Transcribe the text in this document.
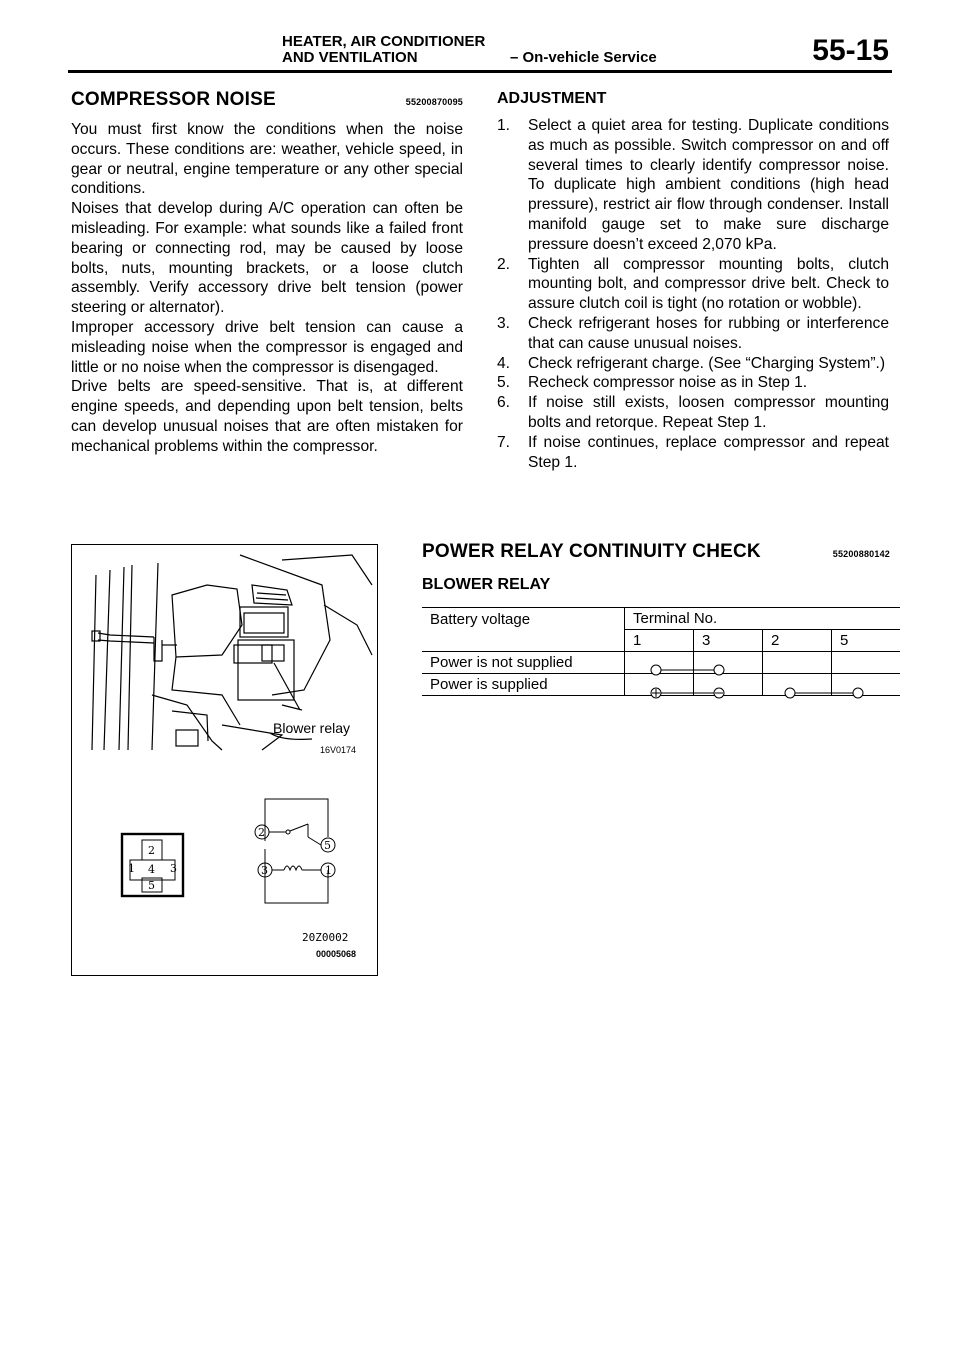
HEATER, AIR CONDITIONER
AND VENTILATION	– On-vehicle Service	55-15
COMPRESSOR NOISE	55200870095

You must first know the conditions when the noise occurs. These conditions are: weather, vehicle speed, in gear or neutral, engine temperature or any other special conditions.

Noises that develop during A/C operation can often be misleading. For example: what sounds like a failed front bearing or connecting rod, may be caused by loose bolts, nuts, mounting brackets, or a loose clutch assembly. Verify accessory drive belt tension (power steering or alternator).

Improper accessory drive belt tension can cause a misleading noise when the compressor is engaged and little or no noise when the compressor is disengaged.

Drive belts are speed-sensitive. That is, at different engine speeds, and depending upon belt tension, belts can develop unusual noises that are often mistaken for mechanical problems within the compressor.

ADJUSTMENT
1.	Select a quiet area for testing. Duplicate conditions as much as possible. Switch compressor on and off several times to clearly identify compressor noise. To duplicate high ambient conditions (high head pressure), restrict air flow through condenser. Install manifold gauge set to make sure discharge pressure doesn’t exceed 2,070 kPa.
2.	Tighten all compressor mounting bolts, clutch mounting bolt, and compressor drive belt. Check to assure clutch coil is tight (no rotation or wobble).
3.	Check refrigerant hoses for rubbing or interference that can cause unusual noises.
4.	Check refrigerant charge. (See “Charging System”.)
5.	Recheck compressor noise as in Step 1.
6.	If noise still exists, loosen compressor mounting bolts and retorque. Repeat Step 1.
7.	If noise continues, replace compressor and repeat Step 1.
2
1 4 3
5
2
5
3	1
Blower relay
16V0174
20Z0002
00005068
POWER RELAY CONTINUITY CHECK	55200880142
BLOWER RELAY
Battery voltage	Terminal No.			
	1	3	2	5
Power is not supplied				
Power is supplied				
